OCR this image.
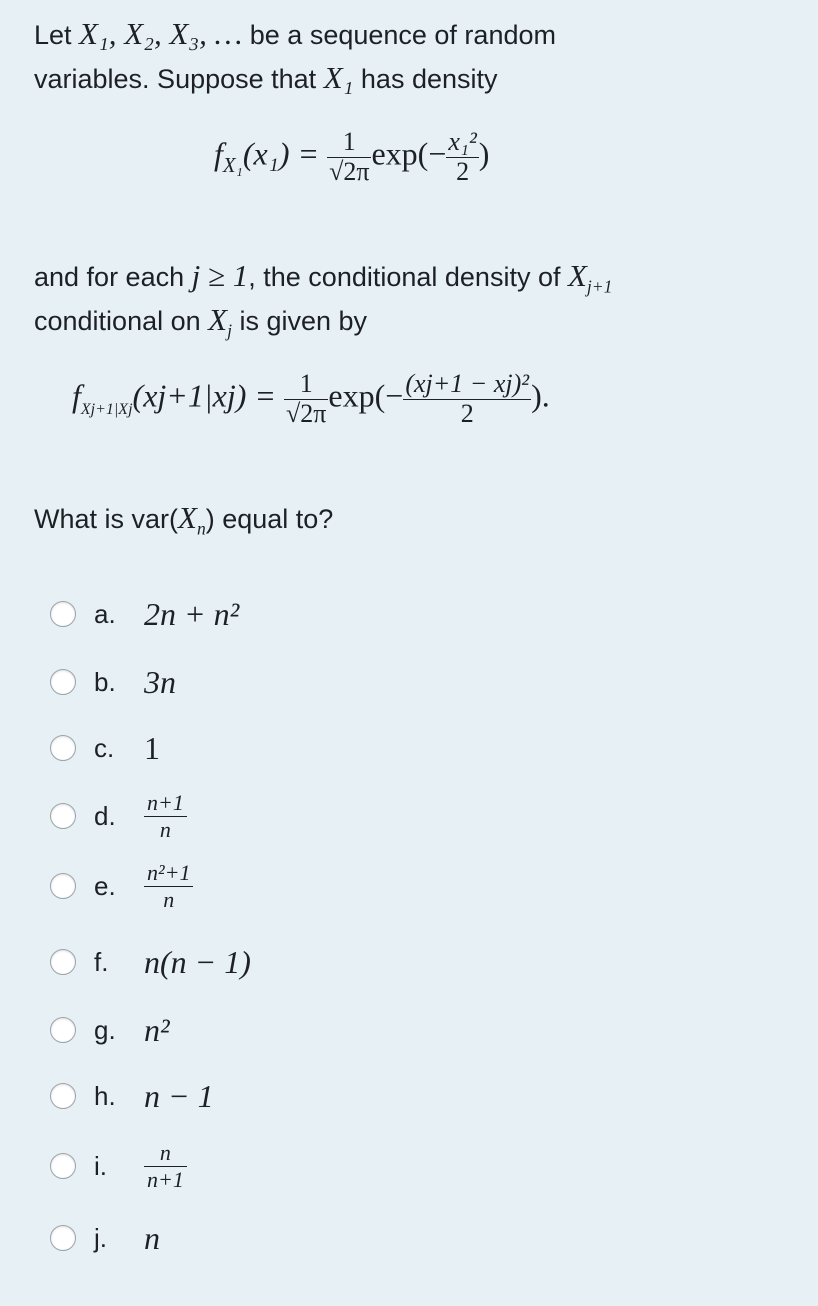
Let X₁, X₂, X₃, … be a sequence of random
variables. Suppose that X₁ has density
$f_{X_1}(x_1) = \frac{1}{√2\pi} \exp(- \frac{\text{x₁²}}{2}$ )
and for each j ≥ 1, the conditional density of $X_{j+1}$
conditional on $X_j$ is given by
$f_{Xj+1|Xj}(xj+1|xj) = \frac{1}{√2\pi} \exp(- \frac{\text{(xj+1 − xj)²}}{2}$ ).
What is $var(X_n)$ equal to?
a. 2n + n²
b. 3n
c. 1
d.	$\frac{n+1}{n}$
e.	$\frac{\text{n²+1}}{n}$
f.	n(n − 1)
g. n²
h. n − 1
i.	$\frac{n}{n+1}$
j.	n
